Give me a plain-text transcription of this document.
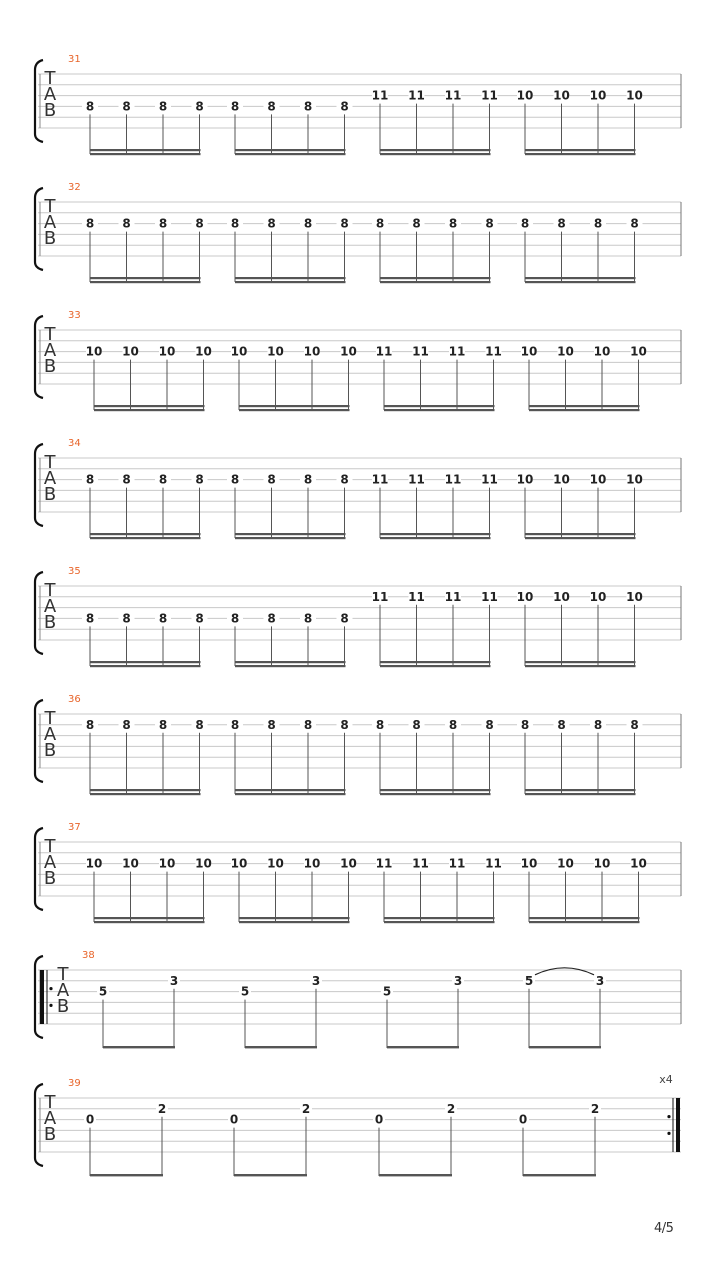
31
T
A
B 8 8 8 8 8 8 8 8
11 11 11 11 10 10 10 10
32
T
A
B
8 8 8 8 8 8 8 8 8 8 8 8 8 8 8 8
33
T
A
B
10 10 10 10 10 10 10 10 11 11 11 11 10 10 10 10
34
T
A
B
8 8 8 8 8 8 8 8 11 11 11 11 10 10 10 10
35
T
A
B 8 8 8 8 8 8 8 8
11 11 11 11 10 10 10 10
36
T
A
B
8 8 8 8 8 8 8 8 8 8 8 8 8 8 8 8
37
T
A
B
10 10 10 10 10 10 10 10 11 11 11 11 10 10 10 10
38
T
A
B
5
3
5
3
5
3	5	3
39
T
A
B
x4
0
2
0
2
0
2
0
2
4/5
